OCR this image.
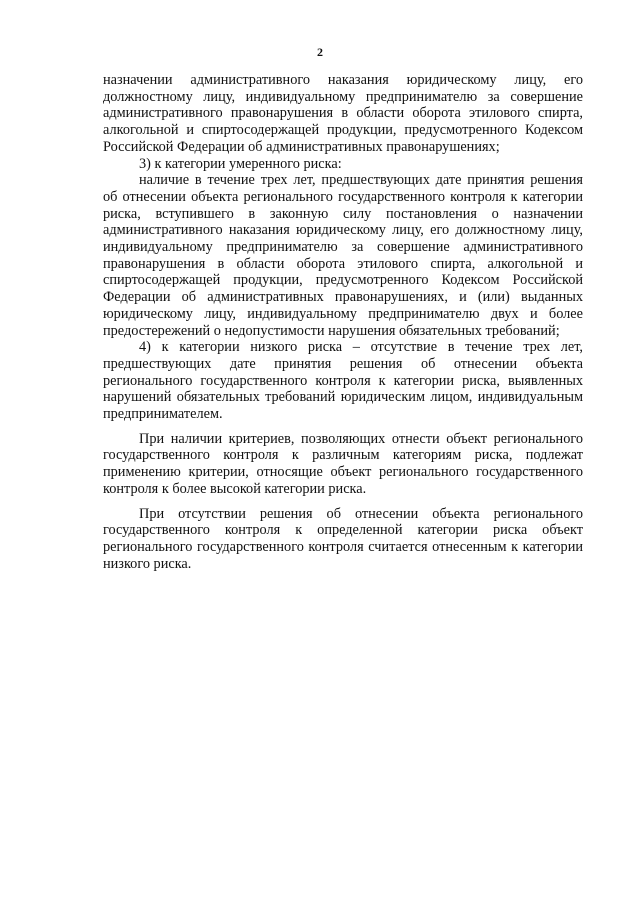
2

назначении административного наказания юридическому лицу, его должностному лицу, индивидуальному предпринимателю за совершение административного правонарушения в области оборота этилового спирта, алкогольной и спиртосодержащей продукции, предусмотренного Кодексом Российской Федерации об административных правонарушениях;

3) к категории умеренного риска:

наличие в течение трех лет, предшествующих дате принятия решения об отнесении объекта регионального государственного контроля к категории риска, вступившего в законную силу постановления о назначении административного наказания юридическому лицу, его должностному лицу, индивидуальному предпринимателю за совершение административного правонарушения в области оборота этилового спирта, алкогольной и спиртосодержащей продукции, предусмотренного Кодексом Российской Федерации об административных правонарушениях, и (или) выданных юридическому лицу, индивидуальному предпринимателю двух и более предостережений о недопустимости нарушения обязательных требований;

4) к категории низкого риска – отсутствие в течение трех лет, предшествующих дате принятия решения об отнесении объекта регионального государственного контроля к категории риска, выявленных нарушений обязательных требований юридическим лицом, индивидуальным предпринимателем.

При наличии критериев, позволяющих отнести объект регионального государственного контроля к различным категориям риска, подлежат применению критерии, относящие объект регионального государственного контроля к более высокой категории риска.

При отсутствии решения об отнесении объекта регионального государственного контроля к определенной категории риска объект регионального государственного контроля считается отнесенным к категории низкого риска.
